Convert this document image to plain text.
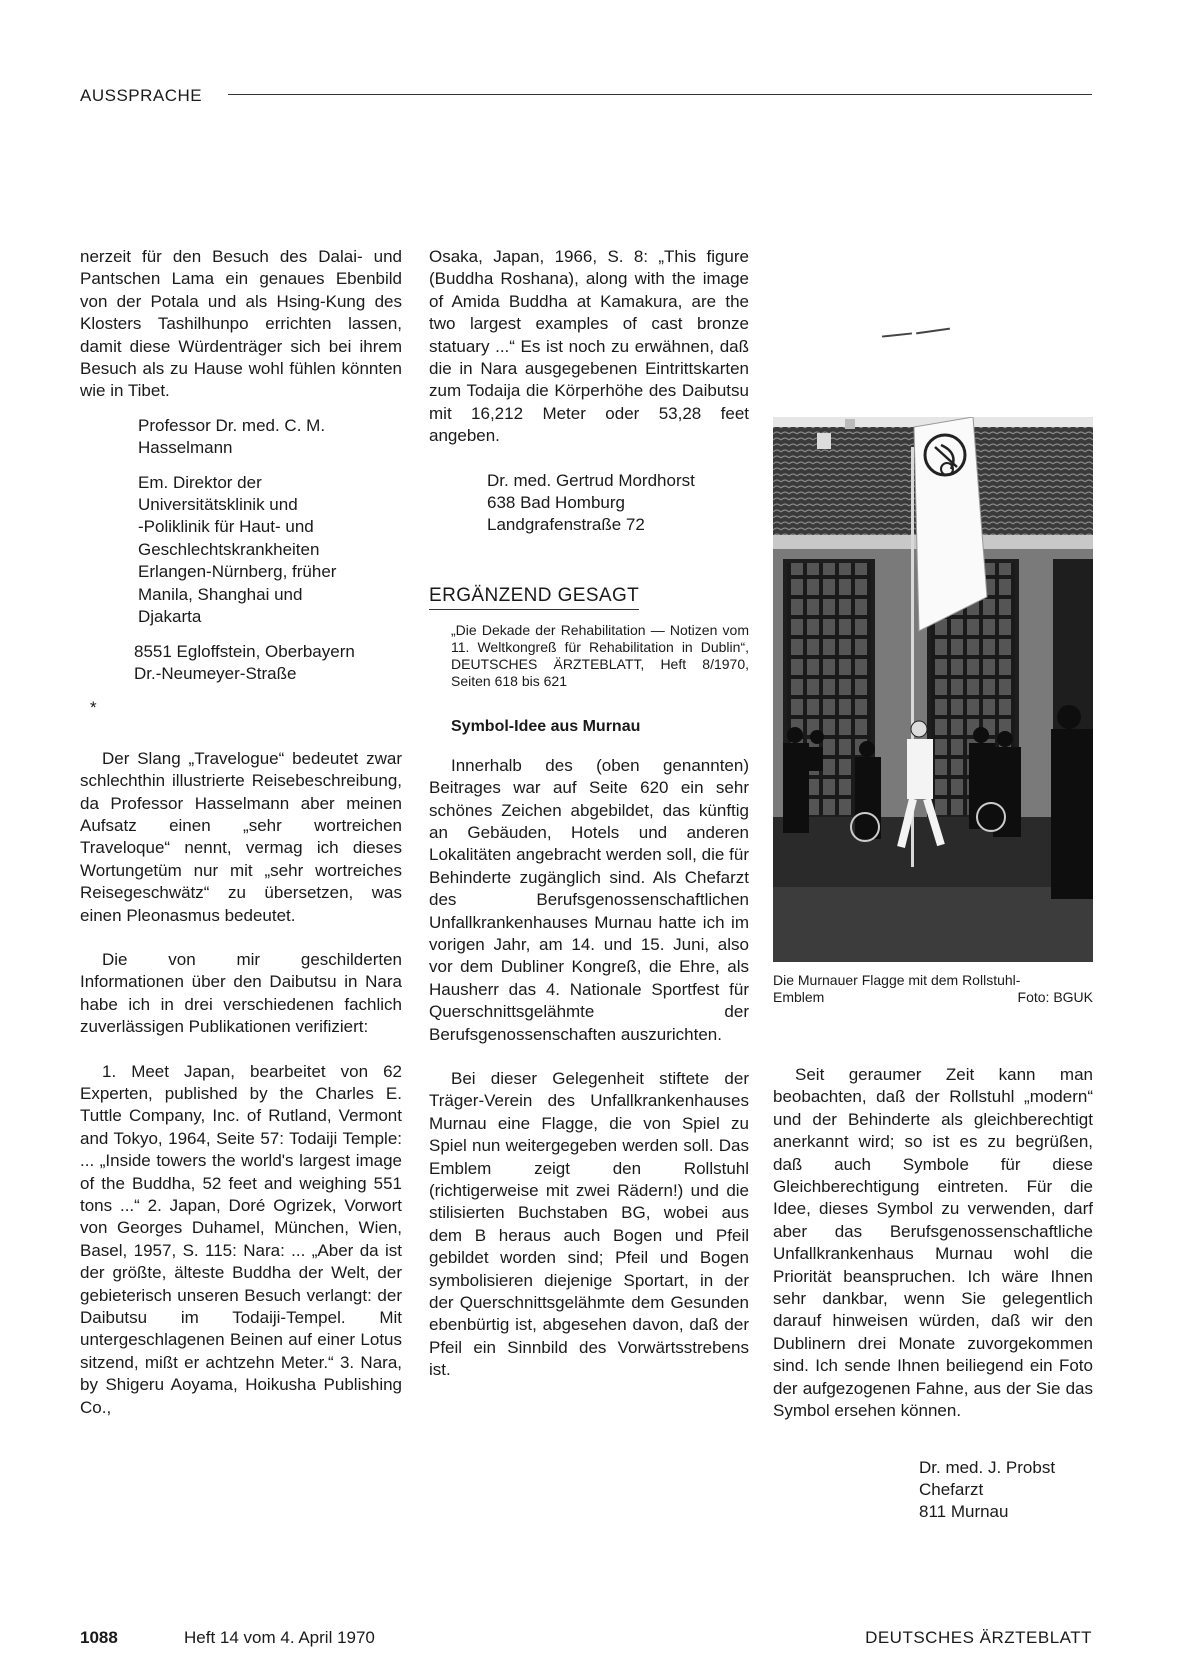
AUSSPRACHE

nerzeit für den Besuch des Dalai- und Pantschen Lama ein genaues Ebenbild von der Potala und als Hsing-Kung des Klosters Tashilhunpo errichten lassen, damit diese Würdenträger sich bei ihrem Besuch als zu Hause wohl fühlen könnten wie in Tibet.

Professor Dr. med. C. M.
Hasselmann
Em. Direktor der
Universitätsklinik und
-Poliklinik für Haut- und
Geschlechtskrankheiten
Erlangen-Nürnberg, früher
Manila, Shanghai und
Djakarta
8551 Egloffstein, Oberbayern
Dr.-Neumeyer-Straße
*

Der Slang „Travelogue“ bedeutet zwar schlechthin illustrierte Reisebeschreibung, da Professor Hasselmann aber meinen Aufsatz einen „sehr wortreichen Traveloque“ nennt, vermag ich dieses Wortungetüm nur mit „sehr wortreiches Reisegeschwätz“ zu übersetzen, was einen Pleonasmus bedeutet.

Die von mir geschilderten Informationen über den Daibutsu in Nara habe ich in drei verschiedenen fachlich zuverlässigen Publikationen verifiziert:

1. Meet Japan, bearbeitet von 62 Experten, published by the Charles E. Tuttle Company, Inc. of Rutland, Vermont and Tokyo, 1964, Seite 57: Todaiji Temple: ... „Inside towers the world's largest image of the Buddha, 52 feet and weighing 551 tons ...“ 2. Japan, Doré Ogrizek, Vorwort von Georges Duhamel, München, Wien, Basel, 1957, S. 115: Nara: ... „Aber da ist der größte, älteste Buddha der Welt, der gebieterisch unseren Besuch verlangt: der Daibutsu im Todaiji-Tempel. Mit untergeschlagenen Beinen auf einer Lotus sitzend, mißt er achtzehn Meter.“ 3. Nara, by Shigeru Aoyama, Hoikusha Publishing Co.,

Osaka, Japan, 1966, S. 8: „This figure (Buddha Roshana), along with the image of Amida Buddha at Kamakura, are the two largest examples of cast bronze statuary ...“ Es ist noch zu erwähnen, daß die in Nara ausgegebenen Eintrittskarten zum Todaija die Körperhöhe des Daibutsu mit 16,212 Meter oder 53,28 feet angeben.

Dr. med. Gertrud Mordhorst
638 Bad Homburg
Landgrafenstraße 72
ERGÄNZEND GESAGT
„Die Dekade der Rehabilitation — Notizen vom 11. Weltkongreß für Rehabilitation in Dublin“, DEUTSCHES ÄRZTEBLATT, Heft 8/1970, Seiten 618 bis 621
Symbol-Idee aus Murnau

Innerhalb des (oben genannten) Beitrages war auf Seite 620 ein sehr schönes Zeichen abgebildet, das künftig an Gebäuden, Hotels und anderen Lokalitäten angebracht werden soll, die für Behinderte zugänglich sind. Als Chefarzt des Berufsgenossenschaftlichen Unfallkrankenhauses Murnau hatte ich im vorigen Jahr, am 14. und 15. Juni, also vor dem Dubliner Kongreß, die Ehre, als Hausherr das 4. Nationale Sportfest für Querschnittsgelähmte der Berufsgenossenschaften auszurichten.

Bei dieser Gelegenheit stiftete der Träger-Verein des Unfallkrankenhauses Murnau eine Flagge, die von Spiel zu Spiel nun weitergegeben werden soll. Das Emblem zeigt den Rollstuhl (richtigerweise mit zwei Rädern!) und die stilisierten Buchstaben BG, wobei aus dem B heraus auch Bogen und Pfeil gebildet worden sind; Pfeil und Bogen symbolisieren diejenige Sportart, in der der Querschnittsgelähmte dem Gesunden ebenbürtig ist, abgesehen davon, daß der Pfeil ein Sinnbild des Vorwärtsstrebens ist.

Die Murnauer Flagge mit dem Rollstuhl-
Emblem	Foto: BGUK

Seit geraumer Zeit kann man beobachten, daß der Rollstuhl „modern“ und der Behinderte als gleichberechtigt anerkannt wird; so ist es zu begrüßen, daß auch Symbole für diese Gleichberechtigung eintreten. Für die Idee, dieses Symbol zu verwenden, darf aber das Berufsgenossenschaftliche Unfallkrankenhaus Murnau wohl die Priorität beanspruchen. Ich wäre Ihnen sehr dankbar, wenn Sie gelegentlich darauf hinweisen würden, daß wir den Dublinern drei Monate zuvorgekommen sind. Ich sende Ihnen beiliegend ein Foto der aufgezogenen Fahne, aus der Sie das Symbol ersehen können.

Dr. med. J. Probst
Chefarzt
811 Murnau
1088	Heft 14 vom 4. April 1970	DEUTSCHES ÄRZTEBLATT
